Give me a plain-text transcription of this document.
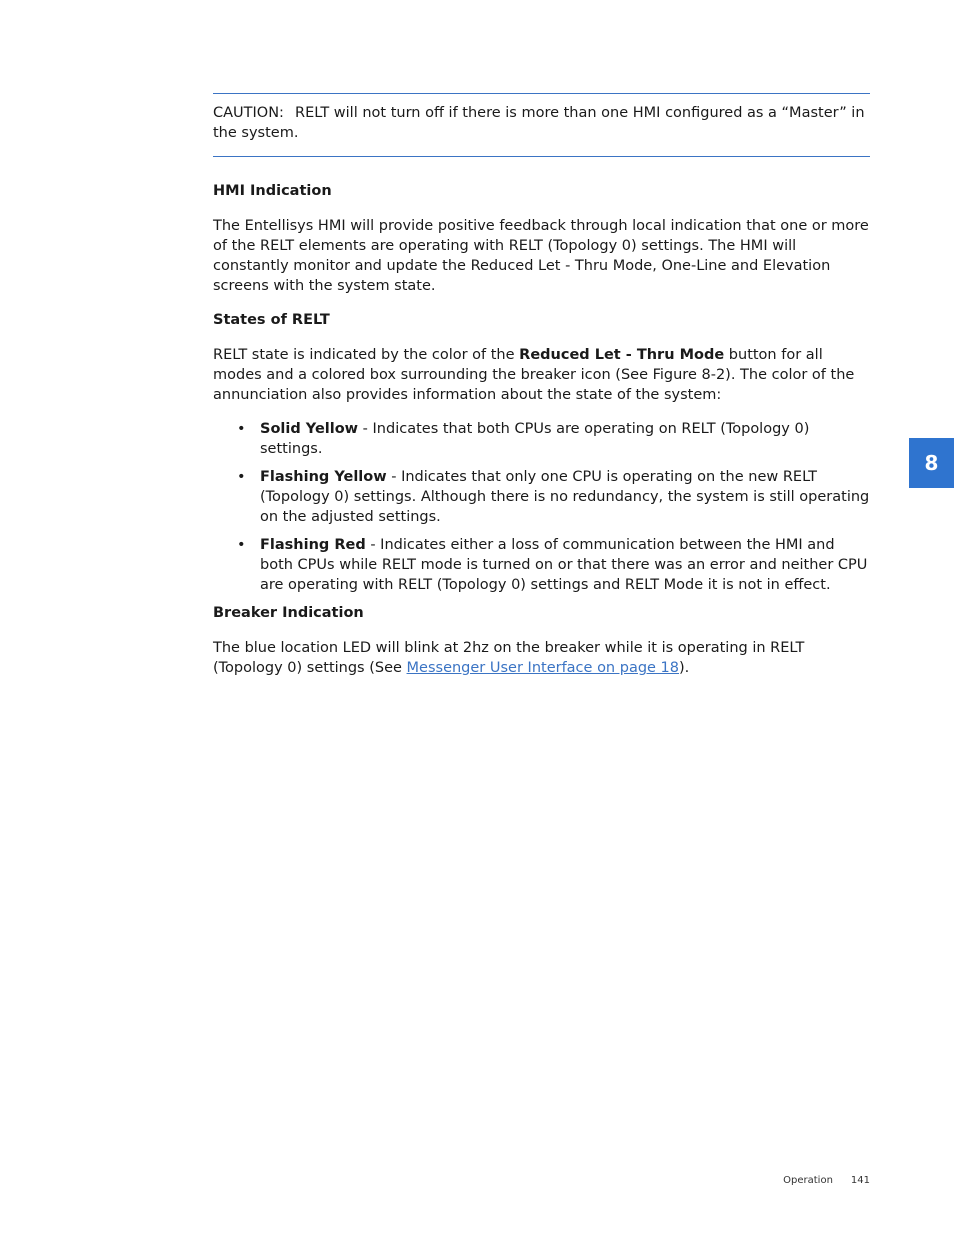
CAUTION: RELT will not turn off if there is more than one HMI configured as a “Master” in the system.
HMI Indication

The Entellisys HMI will provide positive feedback through local indication that one or more of the RELT elements are operating with RELT (Topology 0) settings. The HMI will constantly monitor and update the Reduced Let - Thru Mode, One-Line and Elevation screens with the system state.

States of RELT

RELT state is indicated by the color of the Reduced Let - Thru Mode button for all modes and a colored box surrounding the breaker icon (See Figure 8-2). The color of the annunciation also provides information about the state of the system:

• Solid Yellow - Indicates that both CPUs are operating on RELT (Topology 0) settings.
• Flashing Yellow - Indicates that only one CPU is operating on the new RELT (Topology 0) settings. Although there is no redundancy, the system is still operating on the adjusted settings.
• Flashing Red - Indicates either a loss of communication between the HMI and both CPUs while RELT mode is turned on or that there was an error and neither CPU are operating with RELT (Topology 0) settings and RELT Mode it is not in effect.
Breaker Indication

The blue location LED will blink at 2hz on the breaker while it is operating in RELT (Topology 0) settings (See Messenger User Interface on page 18).

8
Operation 141
